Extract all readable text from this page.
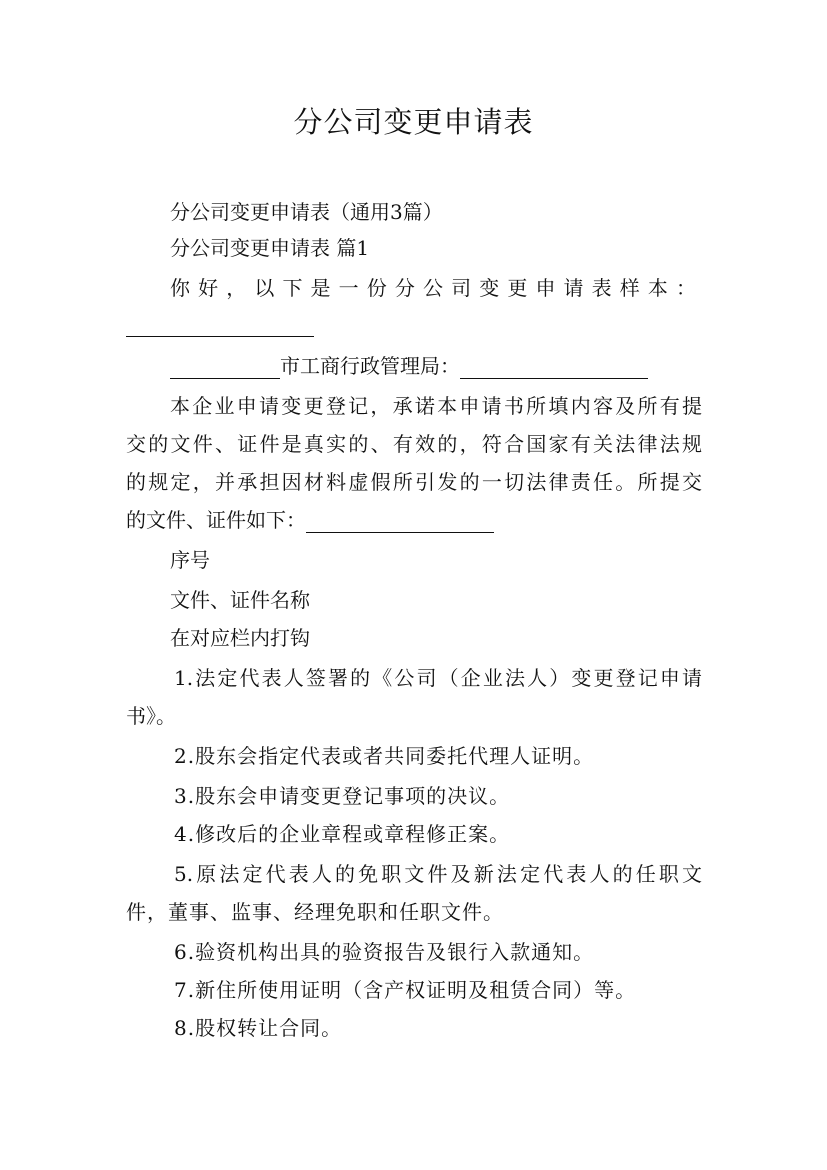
分公司变更申请表
分公司变更申请表（通用3篇）
分公司变更申请表 篇1
你好，以下是一份分公司变更申请表样本：
市工商行政管理局：
本企业申请变更登记，承诺本申请书所填内容及所有提
交的文件、证件是真实的、有效的，符合国家有关法律法规
的规定，并承担因材料虚假所引发的一切法律责任。所提交
的文件、证件如下：
序号
文件、证件名称
在对应栏内打钩
1.法定代表人签署的《公司（企业法人）变更登记申请
书》。
2.股东会指定代表或者共同委托代理人证明。
3.股东会申请变更登记事项的决议。
4.修改后的企业章程或章程修正案。
5.原法定代表人的免职文件及新法定代表人的任职文
件，董事、监事、经理免职和任职文件。
6.验资机构出具的验资报告及银行入款通知。
7.新住所使用证明（含产权证明及租赁合同）等。
8.股权转让合同。
